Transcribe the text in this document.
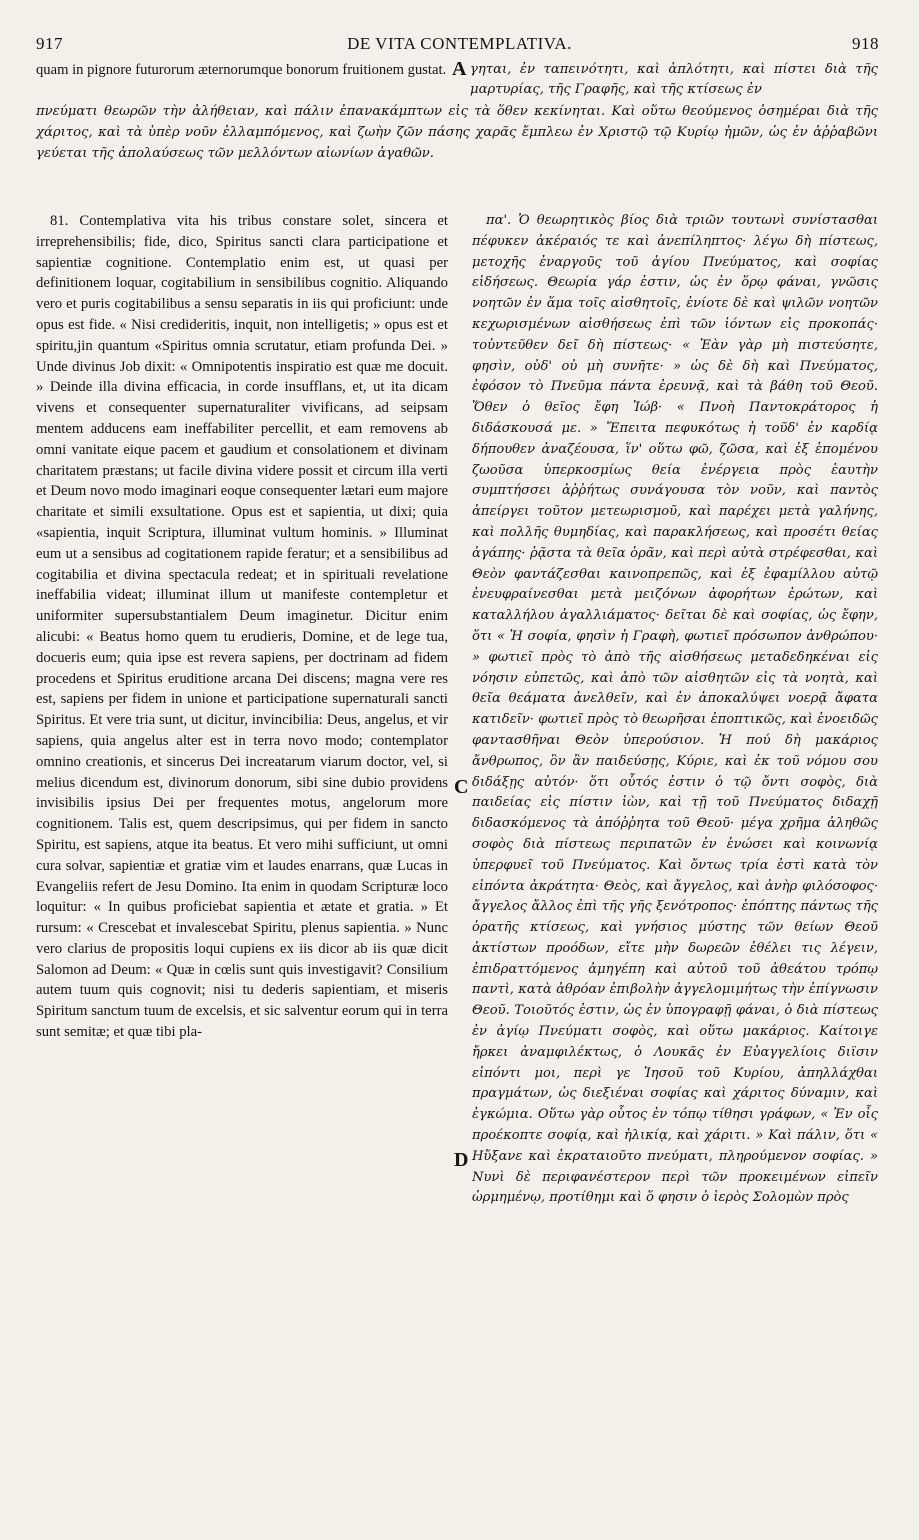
917	DE VITA CONTEMPLATIVA.	918
quam in pignore futurorum æternorumque bonorum fruitionem gustat. A γηται, ἐν ταπεινότητι, καὶ ἁπλότητι, καὶ πίστει διὰ τῆς μαρτυρίας, τῆς Γραφῆς, καὶ τῆς κτίσεως ἐν
πνεύματι θεωρῶν τὴν ἀλήθειαν, καὶ πάλιν ἐπανακάμπτων εἰς τὰ ὅθεν κεκίνηται. Καὶ οὕτω θεούμενος ὁσημέραι διὰ τῆς χάριτος, καὶ τὰ ὑπὲρ νοῦν ἐλλαμπόμενος, καὶ ζωὴν ζῶν πάσης χαρᾶς ἔμπλεω ἐν Χριστῷ τῷ Κυρίῳ ἡμῶν, ὡς ἐν ἀῤῥαβῶνι γεύεται τῆς ἀπολαύσεως τῶν μελλόντων αἰωνίων ἀγαθῶν.

81. Contemplativa vita his tribus constare solet, sincera et irreprehensibilis; fide, dico, Spiritus sancti clara participatione et sapientiæ cognitione. Contemplatio enim est, ut quasi per definitionem loquar, cogitabilium in sensibilibus cognitio. Aliquando vero et puris cogitabilibus a sensu separatis in iis qui proficiunt: unde opus est fide. « Nisi credideritis, inquit, non intelligetis; » opus est et spiritu,jin quantum «Spiritus omnia scrutatur, etiam profunda Dei. » Unde divinus Job dixit: « Omnipotentis inspiratio est quæ me docuit. » Deinde illa divina efficacia, in corde insufflans, et, ut ita dicam vivens et consequenter supernaturaliter vivificans, ad seipsam mentem adducens eam ineffabiliter percellit, et eam removens ab omni vanitate eique pacem et gaudium et consolationem et divinam charitatem præstans; ut facile divina videre possit et circum illa verti et Deum novo modo imaginari eoque consequenter lætari eum majore charitate et simili exsultatione. Opus est et sapientia, ut dixi; quia «sapientia, inquit Scriptura, illuminat vultum hominis. » Illuminat eum ut a sensibus ad cogitationem rapide feratur; et a sensibilibus ad cogitabilia et divina spectacula redeat; et in spirituali revelatione ineffabilia videat; illuminat illum ut manifeste contempletur et uniformiter supersubstantialem Deum imaginetur. Dicitur enim alicubi: « Beatus homo quem tu erudieris, Domine, et de lege tua, docueris eum; quia ipse est revera sapiens, per doctrinam ad fidem procedens et Spiritus eruditione arcana Dei discens; magna vere res est, sapiens per fidem in unione et participatione supernaturali sancti Spiritus. Et vere tria sunt, ut dicitur, invincibilia: Deus, angelus, et vir sapiens, quia angelus alter est in terra novo modo; contemplator omnino creationis, et sincerus Dei increatarum viarum doctor, vel, si melius dicendum est, divinorum donorum, sibi sine dubio providens invisibilis ipsius Dei per frequentes motus, angelorum more cognitionem. Talis est, quem descripsimus, qui per fidem in sancto Spiritu, est sapiens, atque ita beatus. Et vero mihi sufficiunt, ut omni cura solvar, sapientiæ et gratiæ vim et laudes enarrans, quæ Lucas in Evangeliis refert de Jesu Domino. Ita enim in quodam Scripturæ loco loquitur: « In quibus proficiebat sapientia et ætate et gratia. » Et rursum: « Crescebat et invalescebat Spiritu, plenus sapientia. » Nunc vero clarius de propositis loqui cupiens ex iis dicor ab iis quæ dicit Salomon ad Deum: « Quæ in cœlis sunt quis investigavit? Consilium autem tuum quis cognovit; nisi tu dederis sapientiam, et miseris Spiritum sanctum tuum de excelsis, et sic salventur eorum qui in terra sunt semitæ; et quæ tibi pla-

C
D

πα'. Ὁ θεωρητικὸς βίος διὰ τριῶν τουτωνὶ συνίστασθαι πέφυκεν ἀκέραιός τε καὶ ἀνεπίληπτος· λέγω δὴ πίστεως, μετοχῆς ἐναργοῦς τοῦ ἁγίου Πνεύματος, καὶ σοφίας εἰδήσεως. Θεωρία γάρ ἐστιν, ὡς ἐν ὅρῳ φάναι, γνῶσις νοητῶν ἐν ἅμα τοῖς αἰσθητοῖς, ἐνίοτε δὲ καὶ ψιλῶν νοητῶν κεχωρισμένων αἰσθήσεως ἐπὶ τῶν ἰόντων εἰς προκοπάς· τοὐντεῦθεν δεῖ δὴ πίστεως· « Ἐὰν γὰρ μὴ πιστεύσητε, φησὶν, οὐδ' οὐ μὴ συνῆτε· » ὡς δὲ δὴ καὶ Πνεύματος, ἐφόσον τὸ Πνεῦμα πάντα ἐρευνᾷ, καὶ τὰ βάθη τοῦ Θεοῦ. Ὅθεν ὁ θεῖος ἔφη Ἰώβ· « Πνοὴ Παντοκράτορος ἡ διδάσκουσά με. » Ἔπειτα πεφυκότως ἡ τοῦδ' ἐν καρδίᾳ δήπουθεν ἀναζέουσα, ἵν' οὕτω φῶ, ζῶσα, καὶ ἐξ ἑπομένου ζωοῦσα ὑπερκοσμίως θεία ἐνέργεια πρὸς ἑαυτὴν συμπτήσσει ἀῤῥήτως συνάγουσα τὸν νοῦν, καὶ παντὸς ἀπείργει τοῦτον μετεωρισμοῦ, καὶ παρέχει μετὰ γαλήνης, καὶ πολλῆς θυμηδίας, καὶ παρακλήσεως, καὶ προσέτι θείας ἀγάπης· ῥᾷστα τὰ θεῖα ὁρᾶν, καὶ περὶ αὐτὰ στρέφεσθαι, καὶ Θεὸν φαντάζεσθαι καινοπρεπῶς, καὶ ἐξ ἐφαμίλλου αὐτῷ ἐνευφραίνεσθαι μετὰ μειζόνων ἀφορήτων ἐρώτων, καὶ καταλλήλου ἀγαλλιάματος· δεῖται δὲ καὶ σοφίας, ὡς ἔφην, ὅτι « Ἡ σοφία, φησὶν ἡ Γραφὴ, φωτιεῖ πρόσωπον ἀνθρώπου· » φωτιεῖ πρὸς τὸ ἀπὸ τῆς αἰσθήσεως μεταδεδηκέναι εἰς νόησιν εὐπετῶς, καὶ ἀπὸ τῶν αἰσθητῶν εἰς τὰ νοητὰ, καὶ θεῖα θεάματα ἀνελθεῖν, καὶ ἐν ἀποκαλύψει νοερᾷ ἄφατα κατιδεῖν· φωτιεῖ πρὸς τὸ θεωρῆσαι ἐποπτικῶς, καὶ ἑνοειδῶς φαντασθῆναι Θεὸν ὑπερούσιον. Ἡ πού δὴ μακάριος ἄνθρωπος, ὃν ἂν παιδεύσῃς, Κύριε, καὶ ἐκ τοῦ νόμου σου διδάξῃς αὐτόν· ὅτι οὗτός ἐστιν ὁ τῷ ὄντι σοφὸς, διὰ παιδείας εἰς πίστιν ἰὼν, καὶ τῇ τοῦ Πνεύματος διδαχῇ διδασκόμενος τὰ ἀπόῤῥητα τοῦ Θεοῦ· μέγα χρῆμα ἀληθῶς σοφὸς διὰ πίστεως περιπατῶν ἐν ἑνώσει καὶ κοινωνίᾳ ὑπερφυεῖ τοῦ Πνεύματος. Καὶ ὄντως τρία ἐστὶ κατὰ τὸν εἰπόντα ἀκράτητα· Θεὸς, καὶ ἄγγελος, καὶ ἀνὴρ φιλόσοφος· ἄγγελος ἄλλος ἐπὶ τῆς γῆς ξενότροπος· ἐπόπτης πάντως τῆς ὁρατῆς κτίσεως, καὶ γνήσιος μύστης τῶν θείων Θεοῦ ἀκτίστων προόδων, εἴτε μὴν δωρεῶν ἐθέλει τις λέγειν, ἐπιδραττόμενος ἀμηγέπη καὶ αὐτοῦ τοῦ ἀθεάτου τρόπῳ παντὶ, κατὰ ἀθρόαν ἐπιβολὴν ἀγγελομιμήτως τὴν ἐπίγνωσιν Θεοῦ. Τοιοῦτός ἐστιν, ὡς ἐν ὑπογραφῇ φάναι, ὁ διὰ πίστεως ἐν ἁγίῳ Πνεύματι σοφὸς, καὶ οὕτω μακάριος. Καίτοιγε ἤρκει ἀναμφιλέκτως, ὁ Λουκᾶς ἐν Εὐαγγελίοις διϊσιν εἰπόντι μοι, περὶ γε Ἰησοῦ τοῦ Κυρίου, ἀπηλλάχθαι πραγμάτων, ὡς διεξιέναι σοφίας καὶ χάριτος δύναμιν, καὶ ἐγκώμια. Οὕτω γὰρ οὗτος ἐν τόπῳ τίθησι γράφων, « Ἐν οἷς προέκοπτε σοφίᾳ, καὶ ἡλικίᾳ, καὶ χάριτι. » Καὶ πάλιν, ὅτι « Ηὔξανε καὶ ἐκραταιοῦτο πνεύματι, πληρούμενον σοφίας. » Νυνὶ δὲ περιφανέστερον περὶ τῶν προκειμένων εἰπεῖν ὡρμημένῳ, προτίθημι καὶ ὅ φησιν ὁ ἱερὸς Σολομὼν πρὸς
